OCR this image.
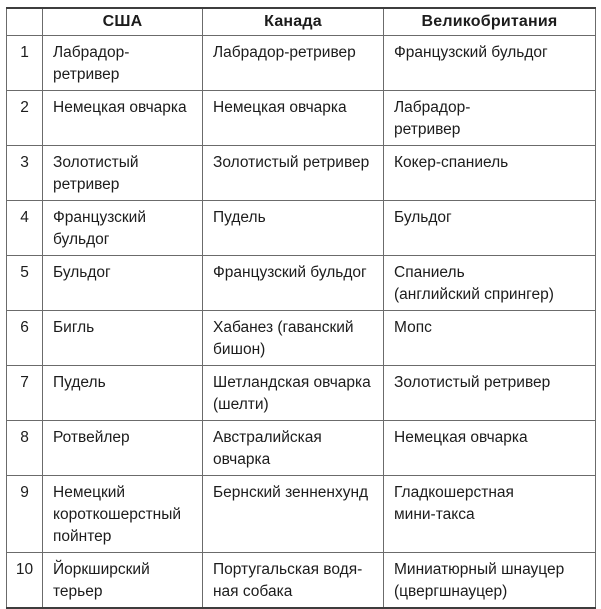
	США	Канада	Великобритания
1	Лабрадор-ретривер	Лабрадор-ретривер	Французский бульдог
2	Немецкая овчарка	Немецкая овчарка	Лабрадор-
ретривер
3	Золотистый
ретривер	Золотистый ретривер	Кокер-спаниель
4	Французский
бульдог	Пудель	Бульдог
5	Бульдог	Французский бульдог	Спаниель
(английский спрингер)
6	Бигль	Хабанез (гаванский
бишон)	Мопс
7	Пудель	Шетландская овчарка
(шелти)	Золотистый ретривер
8	Ротвейлер	Австралийская
овчарка	Немецкая овчарка
9	Немецкий
короткошерстный
пойнтер	Бернский зенненхунд	Гладкошерстная
мини-такса
10	Йоркширский
терьер	Португальская водя-
ная собака	Миниатюрный шнауцер
(цвергшнауцер)
